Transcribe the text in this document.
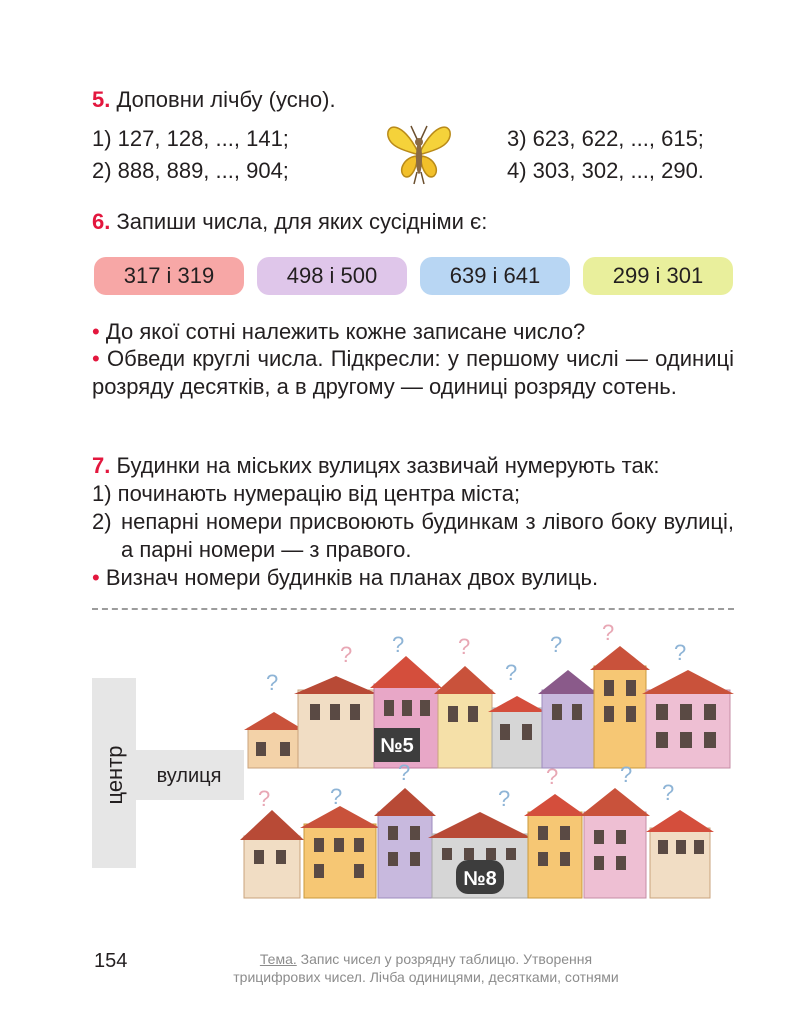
5. Доповни лічбу (усно).
1) 127, 128, ..., 141;
2) 888, 889, ..., 904;
3) 623, 622, ..., 615;
4) 303, 302, ..., 290.
6. Запиши числа, для яких сусідніми є:
317 і 319	498 і 500	639 і 641	299 і 301
• До якої сотні належить кожне записане число?
• Обведи круглі числа. Підкресли: у першому числі — одиниці розряду десятків, а в другому — одиниці розряду сотень.
7. Будинки на міських вулицях зазвичай нумерують так:
1) починають нумерацію від центра міста;
2) непарні номери присвоюють будинкам з лівого боку вулиці, а парні номери — з правого.
• Визнач номери будинків на планах двох вулиць.
центр вулиця
№5
№8
?
? ? ?
?
? ?
?
?	?
?
?
?	?
?
154	Тема. Запис чисел у розрядну таблицю. Утворення
трицифрових чисел. Лічба одиницями, десятками, сотнями
